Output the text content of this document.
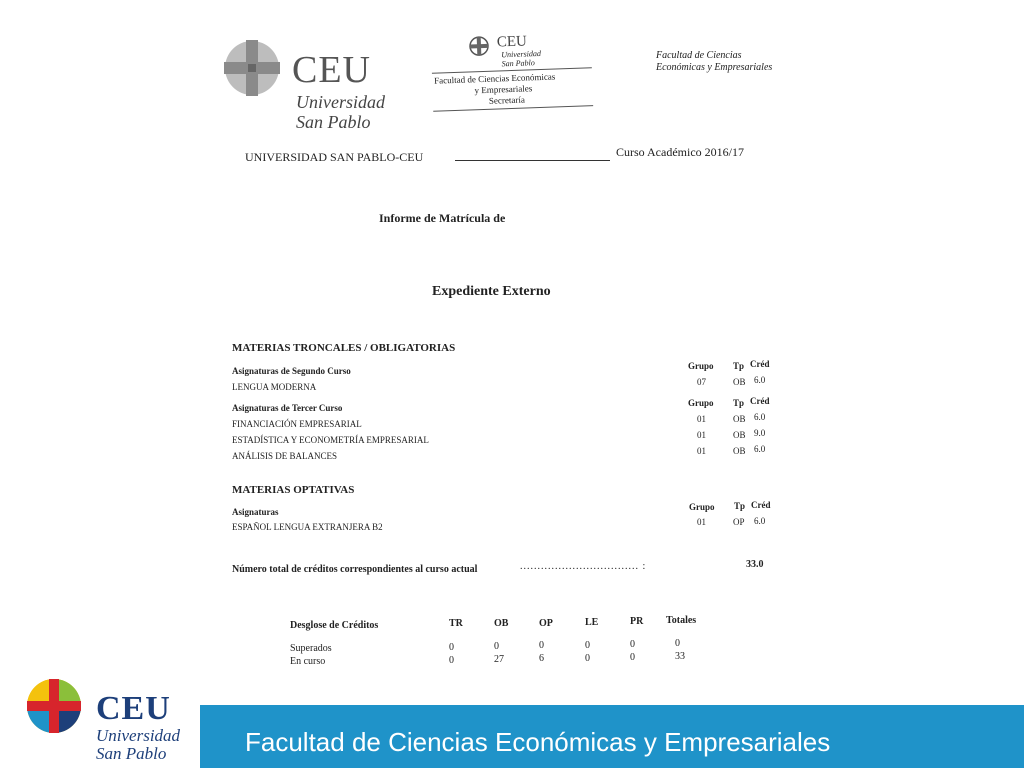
CEU
Universidad
San Pablo
CEU
Universidad
San Pablo
Facultad de Ciencias Económicas
y Empresariales
Secretaría
Facultad de Ciencias
Económicas y Empresariales
UNIVERSIDAD SAN PABLO-CEU	Curso Académico 2016/17
Informe de Matrícula de
Expediente Externo
MATERIAS TRONCALES / OBLIGATORIAS
Asignaturas de Segundo Curso	Grupo Tp Créd
LENGUA MODERNA	07	OB 6.0
Asignaturas de Tercer Curso	Grupo Tp Créd
FINANCIACIÓN EMPRESARIAL	01	OB 6.0
ESTADÍSTICA Y ECONOMETRÍA EMPRESARIAL	01	OB 9.0
ANÁLISIS DE BALANCES	01	OB 6.0
MATERIAS OPTATIVAS
Asignaturas	Grupo Tp Créd
ESPAÑOL LENGUA EXTRANJERA B2	01	OP 6.0
Número total de créditos correspondientes al curso actual	.................................. :	33.0
Desglose de Créditos	TR	OB	OP	LE	PR Totales
Superados	0	0	0	0	0	0
En curso	0	27	6	0	0	33
CEU
Universidad
San Pablo	Facultad de Ciencias Económicas y Empresariales
